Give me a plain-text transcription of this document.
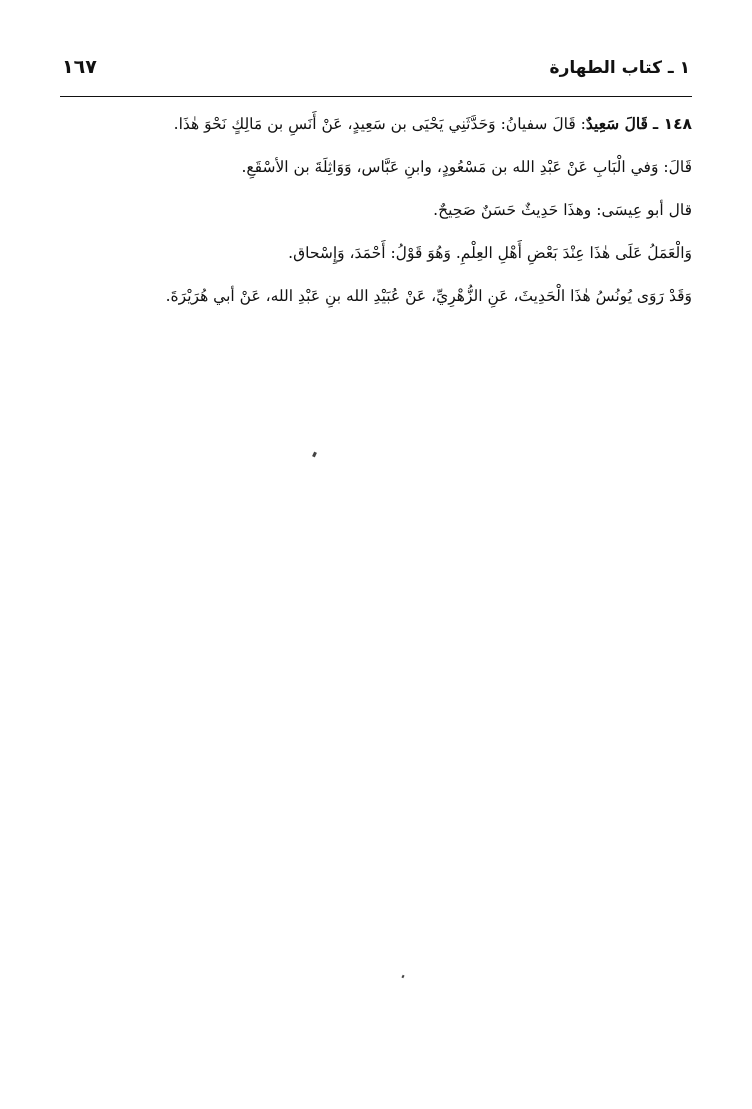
١ ـ كتاب الطهارة
١٦٧
١٤٨ ـ قَالَ سَعِيدٌ: قَالَ سفيانُ: وَحَدَّثَنِي يَحْيَى بن سَعِيدٍ، عَنْ أَنَسِ بن مَالِكٍ نَحْوَ هٰذَا.
قَالَ: وَفي الْبَابِ عَنْ عَبْدِ الله بن مَسْعُودٍ، وابنِ عَبَّاس، وَوَاثِلَةَ بن الأسْقَعِ.
قال أبو عِيسَى: وهذَا حَدِيثٌ حَسَنٌ صَحِيحٌ.
وَالْعَمَلُ عَلَى هٰذَا عِنْدَ بَعْضِ أَهْلِ العِلْمِ. وَهُوَ قَوْلُ: أَحْمَدَ، وَإِسْحاق.
وَقَدْ رَوَى يُونُسُ هٰذَا الْحَدِيثَ، عَنِ الزُّهْرِيِّ، عَنْ عُبَيْدِ الله بنِ عَبْدِ الله، عَنْ أبي هُرَيْرَةَ.
